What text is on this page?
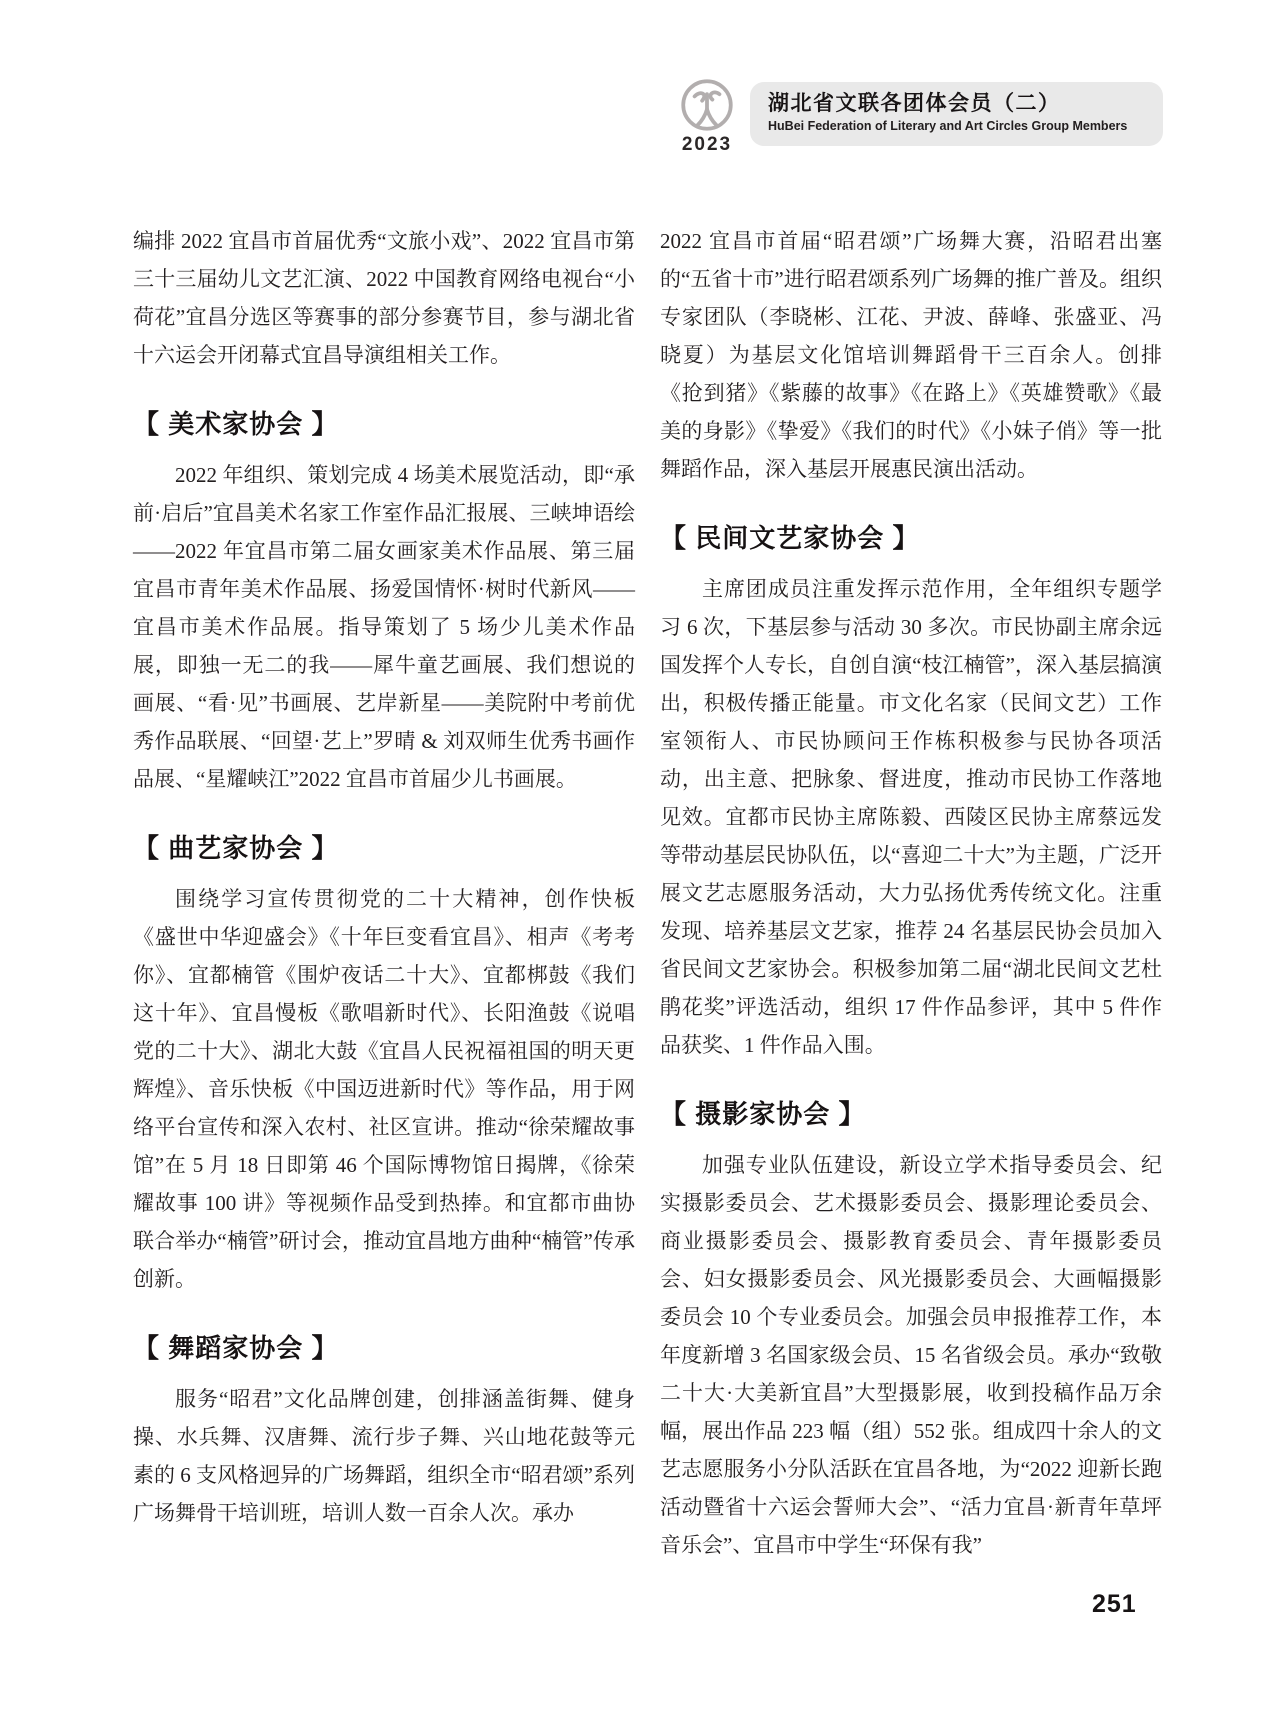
2023
湖北省文联各团体会员（二）
HuBei Federation of Literary and Art Circles Group Members

编排 2022 宜昌市首届优秀“文旅小戏”、2022 宜昌市第三十三届幼儿文艺汇演、2022 中国教育网络电视台“小荷花”宜昌分选区等赛事的部分参赛节目，参与湖北省十六运会开闭幕式宜昌导演组相关工作。

【 美术家协会 】

2022 年组织、策划完成 4 场美术展览活动，即“承前·启后”宜昌美术名家工作室作品汇报展、三峡坤语绘——2022 年宜昌市第二届女画家美术作品展、第三届宜昌市青年美术作品展、扬爱国情怀·树时代新风——宜昌市美术作品展。指导策划了 5 场少儿美术作品展，即独一无二的我——犀牛童艺画展、我们想说的画展、“看·见”书画展、艺岸新星——美院附中考前优秀作品联展、“回望·艺上”罗晴 & 刘双师生优秀书画作品展、“星耀峡江”2022 宜昌市首届少儿书画展。

【 曲艺家协会 】

围绕学习宣传贯彻党的二十大精神，创作快板《盛世中华迎盛会》《十年巨变看宜昌》、相声《考考你》、宜都楠管《围炉夜话二十大》、宜都梆鼓《我们这十年》、宜昌慢板《歌唱新时代》、长阳渔鼓《说唱党的二十大》、湖北大鼓《宜昌人民祝福祖国的明天更辉煌》、音乐快板《中国迈进新时代》等作品，用于网络平台宣传和深入农村、社区宣讲。推动“徐荣耀故事馆”在 5 月 18 日即第 46 个国际博物馆日揭牌，《徐荣耀故事 100 讲》等视频作品受到热捧。和宜都市曲协联合举办“楠管”研讨会，推动宜昌地方曲种“楠管”传承创新。

【 舞蹈家协会 】

服务“昭君”文化品牌创建，创排涵盖街舞、健身操、水兵舞、汉唐舞、流行步子舞、兴山地花鼓等元素的 6 支风格迥异的广场舞蹈，组织全市“昭君颂”系列广场舞骨干培训班，培训人数一百余人次。承办

2022 宜昌市首届“昭君颂”广场舞大赛，沿昭君出塞的“五省十市”进行昭君颂系列广场舞的推广普及。组织专家团队（李晓彬、江花、尹波、薛峰、张盛亚、冯晓夏）为基层文化馆培训舞蹈骨干三百余人。创排《抢到猪》《紫藤的故事》《在路上》《英雄赞歌》《最美的身影》《挚爱》《我们的时代》《小妹子俏》等一批舞蹈作品，深入基层开展惠民演出活动。

【 民间文艺家协会 】

主席团成员注重发挥示范作用，全年组织专题学习 6 次，下基层参与活动 30 多次。市民协副主席余远国发挥个人专长，自创自演“枝江楠管”，深入基层搞演出，积极传播正能量。市文化名家（民间文艺）工作室领衔人、市民协顾问王作栋积极参与民协各项活动，出主意、把脉象、督进度，推动市民协工作落地见效。宜都市民协主席陈毅、西陵区民协主席蔡远发等带动基层民协队伍，以“喜迎二十大”为主题，广泛开展文艺志愿服务活动，大力弘扬优秀传统文化。注重发现、培养基层文艺家，推荐 24 名基层民协会员加入省民间文艺家协会。积极参加第二届“湖北民间文艺杜鹃花奖”评选活动，组织 17 件作品参评，其中 5 件作品获奖、1 件作品入围。

【 摄影家协会 】

加强专业队伍建设，新设立学术指导委员会、纪实摄影委员会、艺术摄影委员会、摄影理论委员会、商业摄影委员会、摄影教育委员会、青年摄影委员会、妇女摄影委员会、风光摄影委员会、大画幅摄影委员会 10 个专业委员会。加强会员申报推荐工作，本年度新增 3 名国家级会员、15 名省级会员。承办“致敬二十大·大美新宜昌”大型摄影展，收到投稿作品万余幅，展出作品 223 幅（组）552 张。组成四十余人的文艺志愿服务小分队活跃在宜昌各地，为“2022 迎新长跑活动暨省十六运会誓师大会”、“活力宜昌·新青年草坪音乐会”、宜昌市中学生“环保有我”

251
